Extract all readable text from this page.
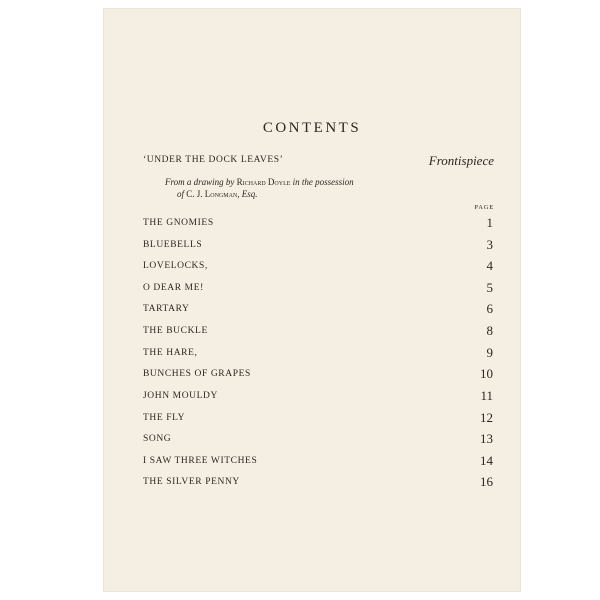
CONTENTS
‘UNDER THE DOCK LEAVES’	Frontispiece
From a drawing by Richard Doyle in the possession
of C. J. Longman, Esq.
PAGE
THE GNOMIES	1
BLUEBELLS	3
LOVELOCKS,	4
O DEAR ME!	5
TARTARY	6
THE BUCKLE	8
THE HARE,	9
BUNCHES OF GRAPES	10
JOHN MOULDY	11
THE FLY	12
SONG	13
I SAW THREE WITCHES	14
THE SILVER PENNY	16
